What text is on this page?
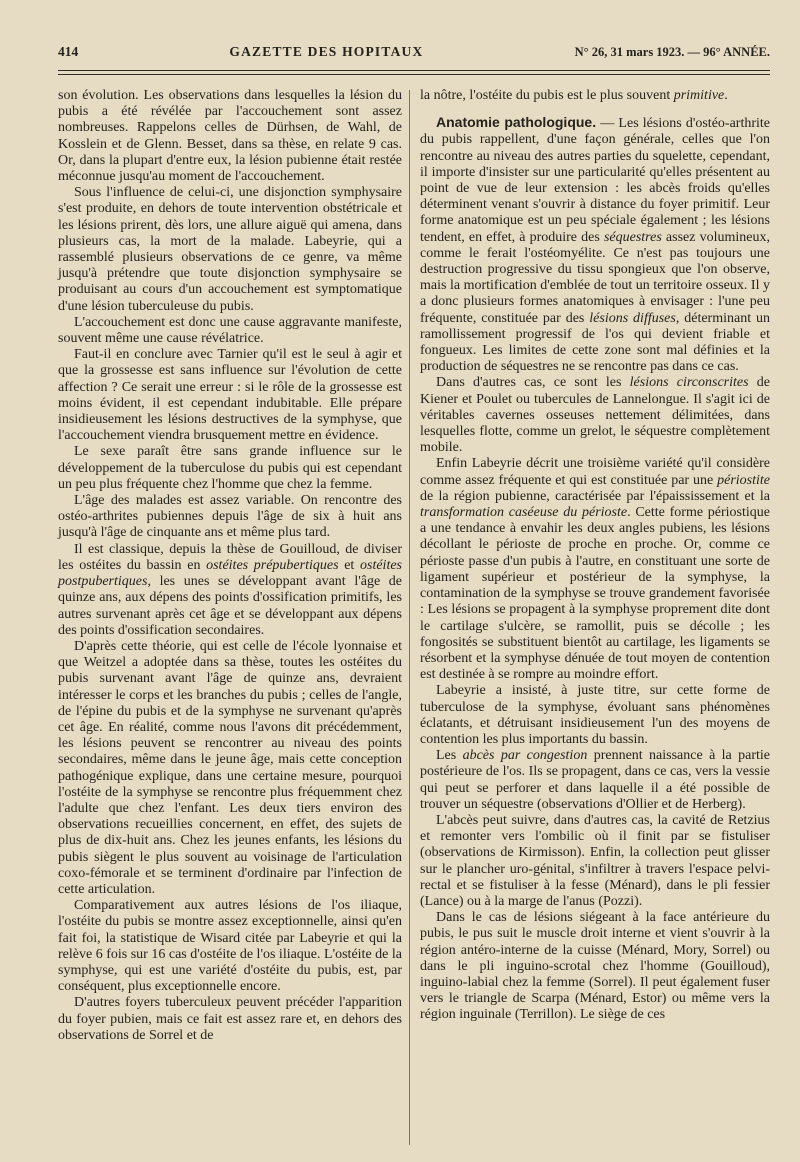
414	GAZETTE DES HOPITAUX	N° 26, 31 mars 1923. — 96° ANNÉE.

son évolution. Les observations dans lesquelles la lésion du pubis a été révélée par l'accouchement sont assez nombreuses. Rappelons celles de Dürhsen, de Wahl, de Kosslein et de Glenn. Besset, dans sa thèse, en relate 9 cas. Or, dans la plupart d'entre eux, la lésion pubienne était restée méconnue jusqu'au moment de l'accouchement.

Sous l'influence de celui-ci, une disjonction symphysaire s'est produite, en dehors de toute intervention obstétricale et les lésions prirent, dès lors, une allure aiguë qui amena, dans plusieurs cas, la mort de la malade. Labeyrie, qui a rassemblé plusieurs observations de ce genre, va même jusqu'à prétendre que toute disjonction symphysaire se produisant au cours d'un accouchement est symptomatique d'une lésion tuberculeuse du pubis.

L'accouchement est donc une cause aggravante manifeste, souvent même une cause révélatrice.

Faut-il en conclure avec Tarnier qu'il est le seul à agir et que la grossesse est sans influence sur l'évolution de cette affection ? Ce serait une erreur : si le rôle de la grossesse est moins évident, il est cependant indubitable. Elle prépare insidieusement les lésions destructives de la symphyse, que l'accouchement viendra brusquement mettre en évidence.

Le sexe paraît être sans grande influence sur le développement de la tuberculose du pubis qui est cependant un peu plus fréquente chez l'homme que chez la femme.

L'âge des malades est assez variable. On rencontre des ostéo-arthrites pubiennes depuis l'âge de six à huit ans jusqu'à l'âge de cinquante ans et même plus tard.

Il est classique, depuis la thèse de Gouilloud, de diviser les ostéites du bassin en ostéites prépubertiques et ostéites postpubertiques, les unes se développant avant l'âge de quinze ans, aux dépens des points d'ossification primitifs, les autres survenant après cet âge et se développant aux dépens des points d'ossification secondaires.

D'après cette théorie, qui est celle de l'école lyonnaise et que Weitzel a adoptée dans sa thèse, toutes les ostéites du pubis survenant avant l'âge de quinze ans, devraient intéresser le corps et les branches du pubis ; celles de l'angle, de l'épine du pubis et de la symphyse ne survenant qu'après cet âge. En réalité, comme nous l'avons dit précédemment, les lésions peuvent se rencontrer au niveau des points secondaires, même dans le jeune âge, mais cette conception pathogénique explique, dans une certaine mesure, pourquoi l'ostéite de la symphyse se rencontre plus fréquemment chez l'adulte que chez l'enfant. Les deux tiers environ des observations recueillies concernent, en effet, des sujets de plus de dix-huit ans. Chez les jeunes enfants, les lésions du pubis siègent le plus souvent au voisinage de l'articulation coxo-fémorale et se terminent d'ordinaire par l'infection de cette articulation.

Comparativement aux autres lésions de l'os iliaque, l'ostéite du pubis se montre assez exceptionnelle, ainsi qu'en fait foi, la statistique de Wisard citée par Labeyrie et qui la relève 6 fois sur 16 cas d'ostéite de l'os iliaque. L'ostéite de la symphyse, qui est une variété d'ostéite du pubis, est, par conséquent, plus exceptionnelle encore.

D'autres foyers tuberculeux peuvent précéder l'apparition du foyer pubien, mais ce fait est assez rare et, en dehors des observations de Sorrel et de

la nôtre, l'ostéite du pubis est le plus souvent primitive.

Anatomie pathologique. — Les lésions d'ostéo-arthrite du pubis rappellent, d'une façon générale, celles que l'on rencontre au niveau des autres parties du squelette, cependant, il importe d'insister sur une particularité qu'elles présentent au point de vue de leur extension : les abcès froids qu'elles déterminent venant s'ouvrir à distance du foyer primitif. Leur forme anatomique est un peu spéciale également ; les lésions tendent, en effet, à produire des séquestres assez volumineux, comme le ferait l'ostéomyélite. Ce n'est pas toujours une destruction progressive du tissu spongieux que l'on observe, mais la mortification d'emblée de tout un territoire osseux. Il y a donc plusieurs formes anatomiques à envisager : l'une peu fréquente, constituée par des lésions diffuses, déterminant un ramollissement progressif de l'os qui devient friable et fongueux. Les limites de cette zone sont mal définies et la production de séquestres ne se rencontre pas dans ce cas.

Dans d'autres cas, ce sont les lésions circonscrites de Kiener et Poulet ou tubercules de Lannelongue. Il s'agit ici de véritables cavernes osseuses nettement délimitées, dans lesquelles flotte, comme un grelot, le séquestre complètement mobile.

Enfin Labeyrie décrit une troisième variété qu'il considère comme assez fréquente et qui est constituée par une périostite de la région pubienne, caractérisée par l'épaississement et la transformation caséeuse du périoste. Cette forme périostique a une tendance à envahir les deux angles pubiens, les lésions décollant le périoste de proche en proche. Or, comme ce périoste passe d'un pubis à l'autre, en constituant une sorte de ligament supérieur et postérieur de la symphyse, la contamination de la symphyse se trouve grandement favorisée : Les lésions se propagent à la symphyse proprement dite dont le cartilage s'ulcère, se ramollit, puis se décolle ; les fongosités se substituent bientôt au cartilage, les ligaments se résorbent et la symphyse dénuée de tout moyen de contention est destinée à se rompre au moindre effort.

Labeyrie a insisté, à juste titre, sur cette forme de tuberculose de la symphyse, évoluant sans phénomènes éclatants, et détruisant insidieusement l'un des moyens de contention les plus importants du bassin.

Les abcès par congestion prennent naissance à la partie postérieure de l'os. Ils se propagent, dans ce cas, vers la vessie qui peut se perforer et dans laquelle il a été possible de trouver un séquestre (observations d'Ollier et de Herberg).

L'abcès peut suivre, dans d'autres cas, la cavité de Retzius et remonter vers l'ombilic où il finit par se fistuliser (observations de Kirmisson). Enfin, la collection peut glisser sur le plancher uro-génital, s'infiltrer à travers l'espace pelvi-rectal et se fistuliser à la fesse (Ménard), dans le pli fessier (Lance) ou à la marge de l'anus (Pozzi).

Dans le cas de lésions siégeant à la face antérieure du pubis, le pus suit le muscle droit interne et vient s'ouvrir à la région antéro-interne de la cuisse (Ménard, Mory, Sorrel) ou dans le pli inguino-scrotal chez l'homme (Gouilloud), inguino-labial chez la femme (Sorrel). Il peut également fuser vers le triangle de Scarpa (Ménard, Estor) ou même vers la région inguinale (Terrillon). Le siège de ces
